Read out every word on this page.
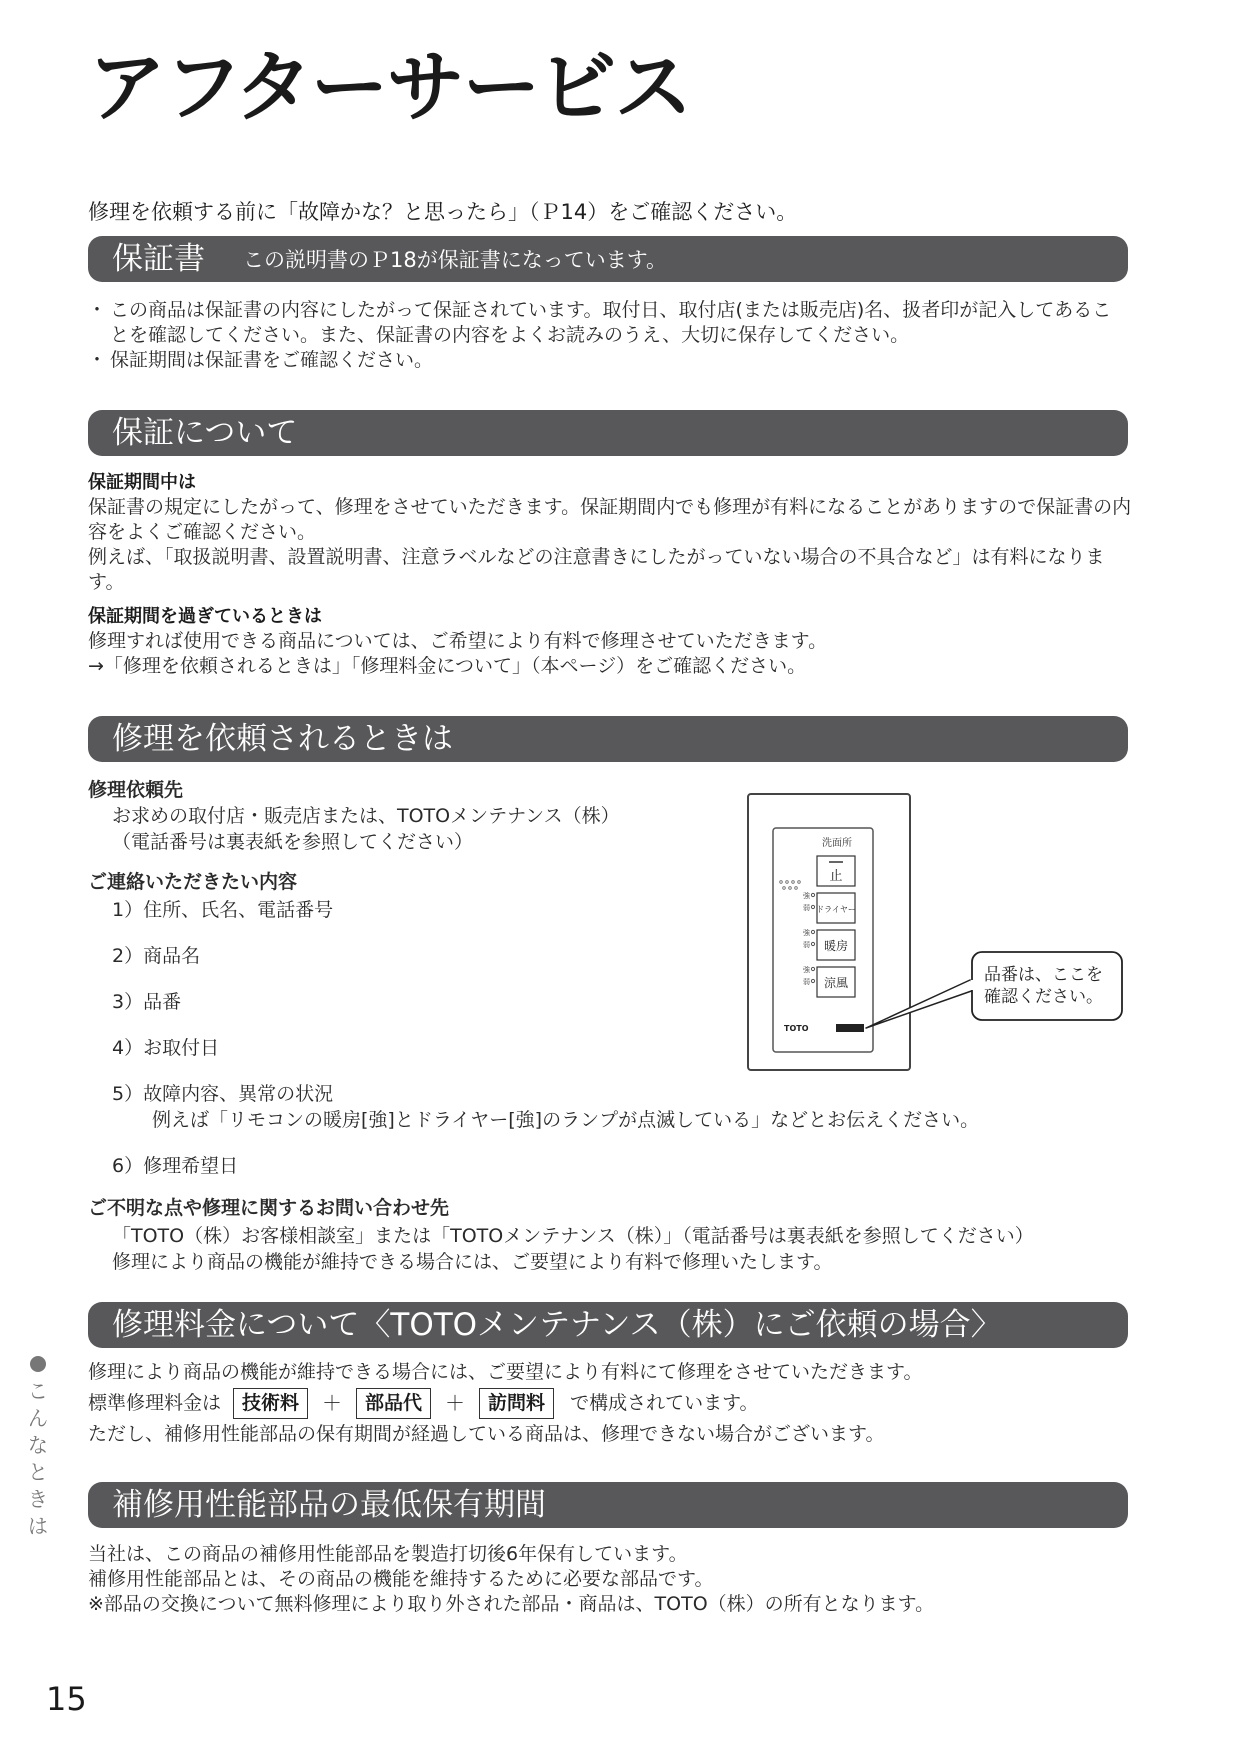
アフターサービス

修理を依頼する前に「故障かな？と思ったら」（Ｐ14）をご確認ください。

保証書 この説明書のＰ18が保証書になっています。
・ この商品は保証書の内容にしたがって保証されています。取付日、取付店(または販売店)名、扱者印が記入してあることを確認してください。また、保証書の内容をよくお読みのうえ、大切に保存してください。
・ 保証期間は保証書をご確認ください。
保証について
保証期間中は
保証書の規定にしたがって、修理をさせていただきます。保証期間内でも修理が有料になることがありますので保証書の内容をよくご確認ください。
例えば、「取扱説明書、設置説明書、注意ラベルなどの注意書きにしたがっていない場合の不具合など」は有料になります。
保証期間を過ぎているときは
修理すれば使用できる商品については、ご希望により有料で修理させていただきます。
→「修理を依頼されるときは」「修理料金について」（本ページ）をご確認ください。
修理を依頼されるときは
修理依頼先
お求めの取付店・販売店または、TOTOメンテナンス（株）
（電話番号は裏表紙を参照してください）
ご連絡いただきたい内容
1）住所、氏名、電話番号
2）商品名
3）品番
4）お取付日
5）故障内容、異常の状況
例えば「リモコンの暖房[強]とドライヤー[強]のランプが点滅している」などとお伝えください。
6）修理希望日
ご不明な点や修理に関するお問い合わせ先
「TOTO（株）お客様相談室」または「TOTOメンテナンス（株）」（電話番号は裏表紙を参照してください）
修理により商品の機能が維持できる場合には、ご要望により有料で修理いたします。
洗面所
止
強
弱 ドライヤー
強
弱 暖房
強
弱 涼風
TOTO
品番は、ここを
確認ください。
修理料金について〈TOTOメンテナンス（株）にご依頼の場合〉
修理により商品の機能が維持できる場合には、ご要望により有料にて修理をさせていただきます。
標準修理料金は	技術料	＋	部品代	＋	訪問料	で構成されています。
ただし、補修用性能部品の保有期間が経過している商品は、修理できない場合がございます。
補修用性能部品の最低保有期間
当社は、この商品の補修用性能部品を製造打切後6年保有しています。
補修用性能部品とは、その商品の機能を維持するために必要な部品です。
※部品の交換について無料修理により取り外された部品・商品は、TOTO（株）の所有となります。
こんなときは
15
